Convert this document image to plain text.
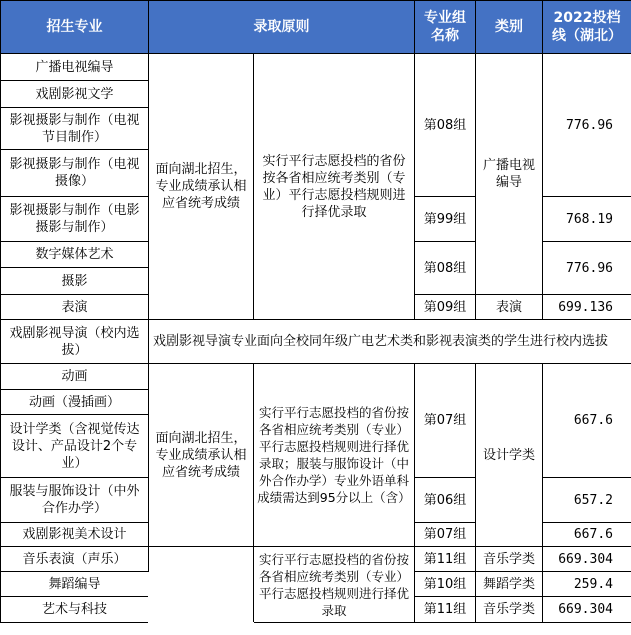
招生专业	录取原则		专业组
名称	类别	2022投档
线（湖北）
广播电视编导	面向湖北招生，专业成绩承认相应省统考成绩	实行平行志愿投档的省份按各省相应统考类别（专业）平行志愿投档规则进行择优录取	第08组	广播电视编导	776.96
戏剧影视文学					
影视摄影与制作（电视节目制作）					
影视摄影与制作（电视摄像）					
影视摄影与制作（电影摄影与制作）			第99组		768.19
数字媒体艺术			第08组		776.96
摄影					
表演			第09组	表演	699.136
戏剧影视导演（校内选拔）	戏剧影视导演专业面向全校同年级广电艺术类和影视表演类的学生进行校内选拔				
动画	面向湖北招生，专业成绩承认相应省统考成绩	实行平行志愿投档的省份按各省相应统考类别（专业）平行志愿投档规则进行择优录取；服装与服饰设计（中外合作办学）专业外语单科成绩需达到95分以上（含）	第07组	设计学类	667.6
动画（漫插画）					
设计学类（含视觉传达设计、产品设计2个专业）					
服装与服饰设计（中外合作办学）			第06组		657.2
戏剧影视美术设计			第07组		667.6
音乐表演（声乐）		实行平行志愿投档的省份按各省相应统考类别（专业）平行志愿投档规则进行择优录取	第11组	音乐学类	669.304
舞蹈编导			第10组	舞蹈学类	259.4
艺术与科技			第11组	音乐学类	669.304
